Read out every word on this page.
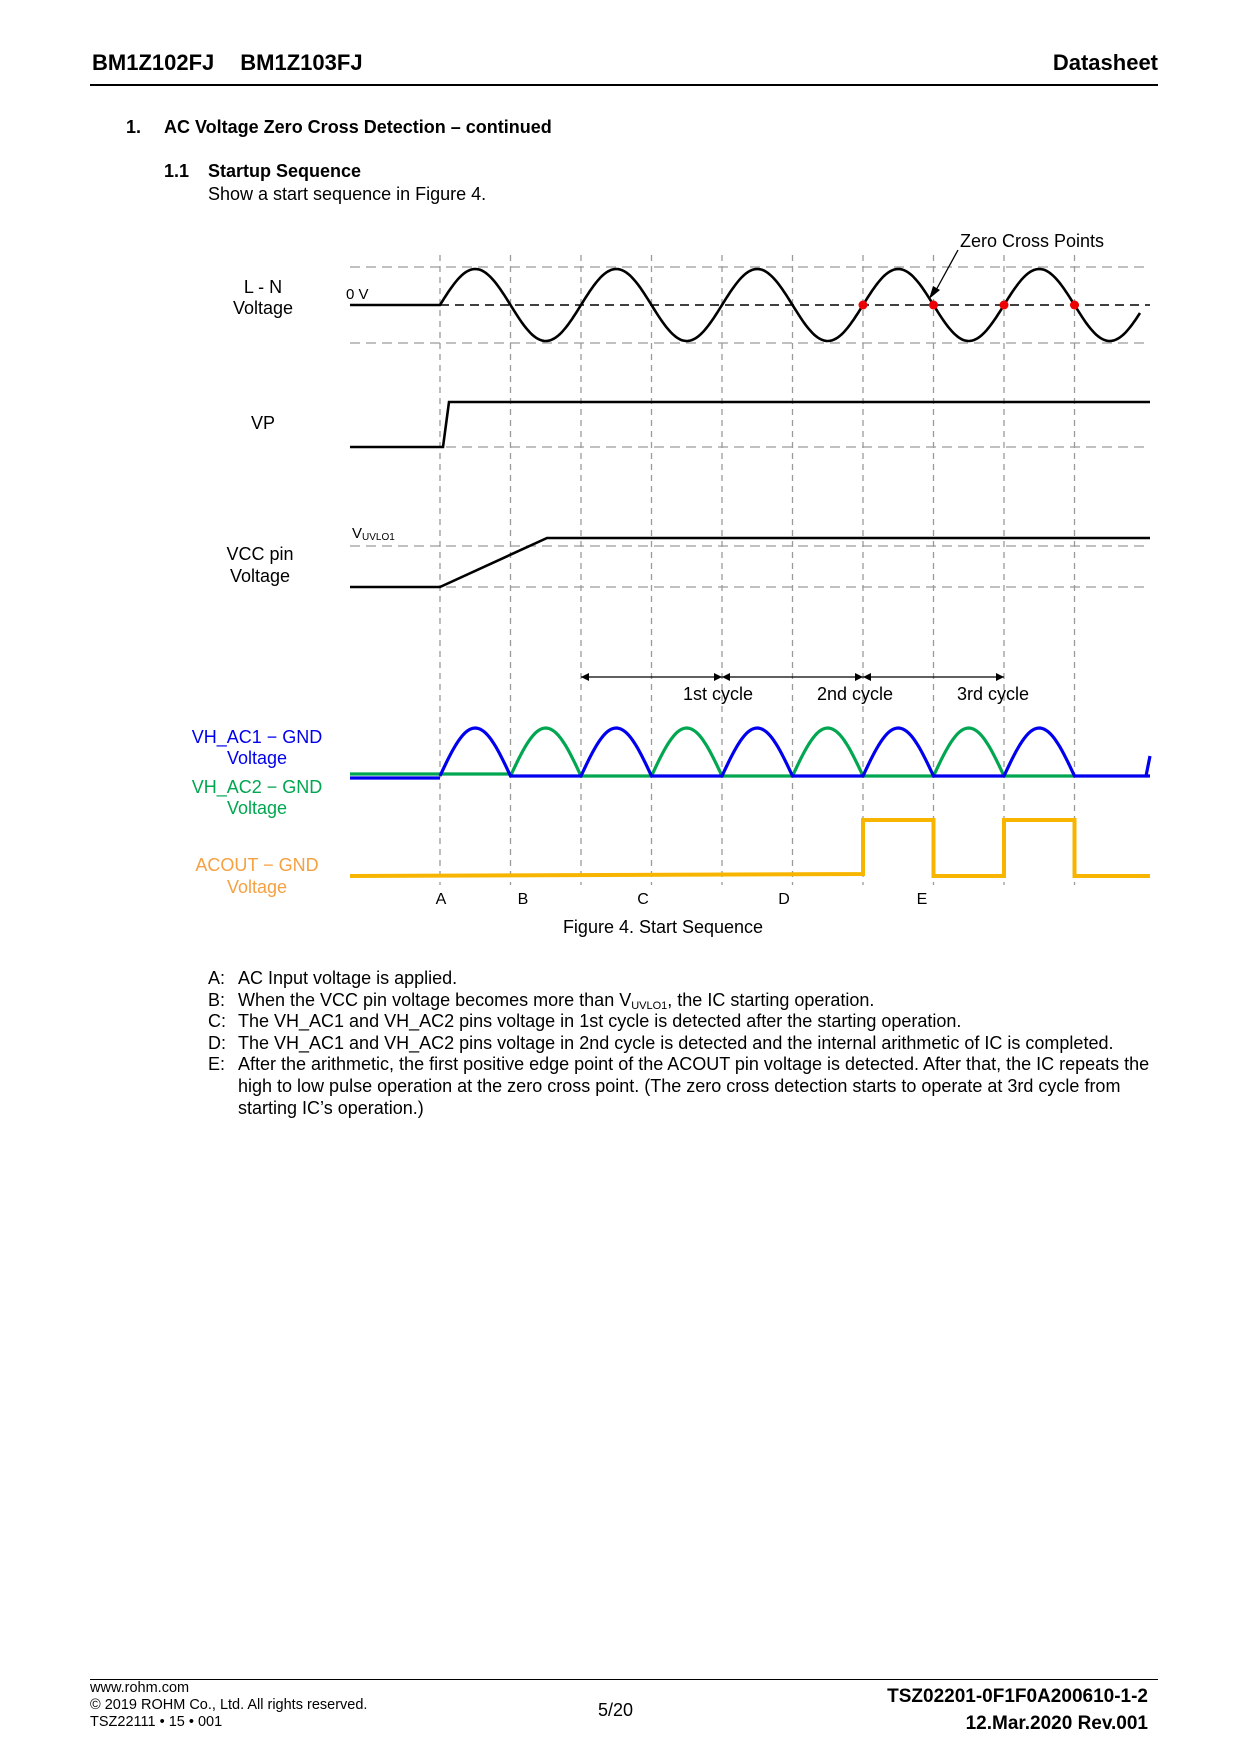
BM1Z102FJ BM1Z103FJ	Datasheet
1. AC Voltage Zero Cross Detection – continued
1.1 Startup Sequence
Show a start sequence in Figure 4.
L - N
Voltage
VP
VCC pin
Voltage
VH_AC1 − GND
Voltage
VH_AC2 − GND
Voltage
ACOUT − GND
Voltage
0 V
VUVLO1
Zero Cross Points
1st cycle	2nd cycle	3rd cycle
A	B	C	D	E
Figure 4. Start Sequence
A: AC Input voltage is applied.
B: When the VCC pin voltage becomes more than $V_{UVLO1}$, the IC starting operation.
C: The VH_AC1 and VH_AC2 pins voltage in 1st cycle is detected after the starting operation.
D: The VH_AC1 and VH_AC2 pins voltage in 2nd cycle is detected and the internal arithmetic of IC is completed.
E: After the arithmetic, the first positive edge point of the ACOUT pin voltage is detected. After that, the IC repeats the high to low pulse operation at the zero cross point. (The zero cross detection starts to operate at 3rd cycle from starting IC’s operation.)
www.rohm.com
© 2019 ROHM Co., Ltd. All rights reserved.
TSZ22111 • 15 • 001
5/20
TSZ02201-0F1F0A200610-1-2
12.Mar.2020 Rev.001
